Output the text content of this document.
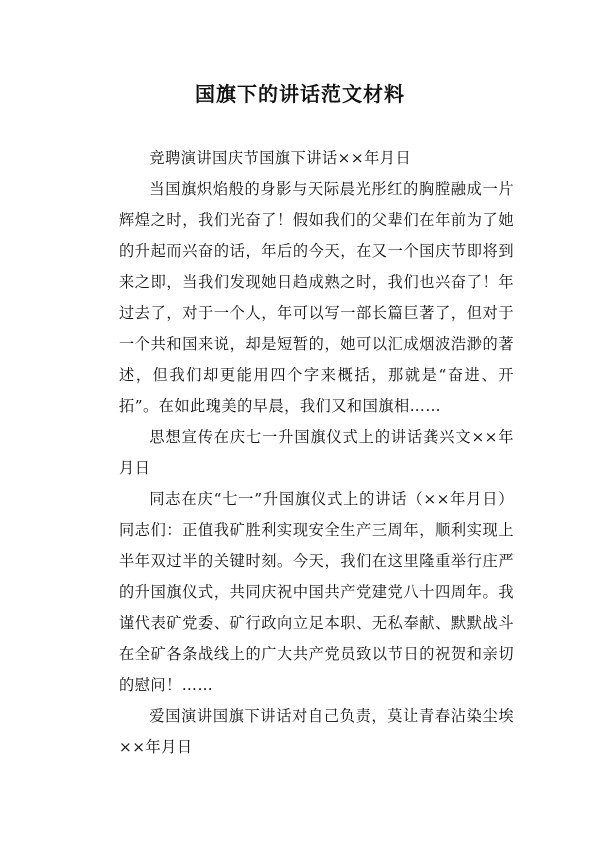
国旗下的讲话范文材料

竞聘演讲国庆节国旗下讲话××年月日

当国旗炽焰般的身影与天际晨光彤红的胸膛融成一片辉煌之时，我们光奋了！假如我们的父辈们在年前为了她的升起而兴奋的话，年后的今天，在又一个国庆节即将到来之即，当我们发现她日趋成熟之时，我们也兴奋了！年过去了，对于一个人，年可以写一部长篇巨著了，但对于一个共和国来说，却是短暂的，她可以汇成烟波浩渺的著述，但我们却更能用四个字来概括，那就是“奋进、开拓”。在如此瑰美的早晨，我们又和国旗相……

思想宣传在庆七一升国旗仪式上的讲话龚兴文××年月日

同志在庆“七一”升国旗仪式上的讲话（××年月日）同志们：正值我矿胜利实现安全生产三周年，顺利实现上半年双过半的关键时刻。今天，我们在这里隆重举行庄严的升国旗仪式，共同庆祝中国共产党建党八十四周年。我谨代表矿党委、矿行政向立足本职、无私奉献、默默战斗在全矿各条战线上的广大共产党员致以节日的祝贺和亲切的慰问！……

爱国演讲国旗下讲话对自己负责，莫让青春沾染尘埃××年月日
